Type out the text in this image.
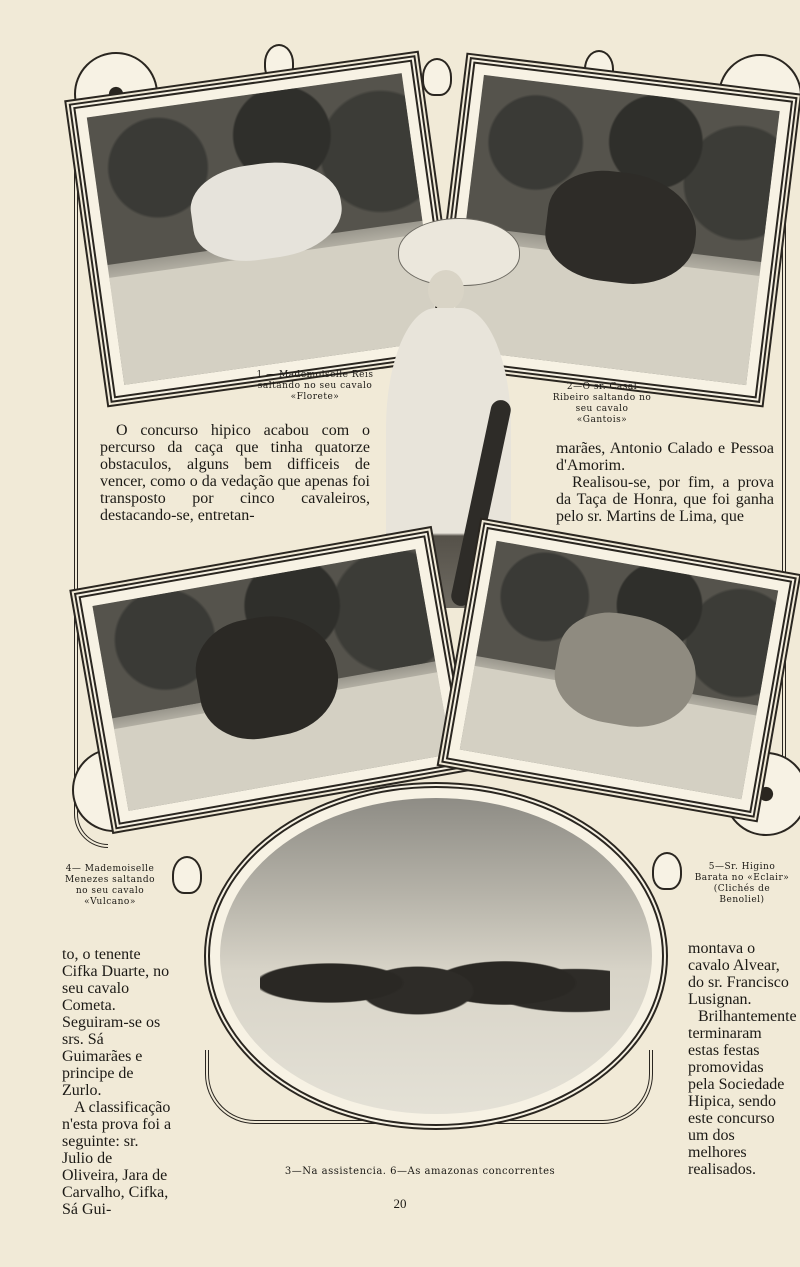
1 — Mademoiselle Reis saltando no seu cavalo «Florete»
2—O sr. Casal Ribeiro saltando no seu cavalo «Gantois»

O concurso hipico acabou com o percurso da caça que tinha quatorze obstaculos, alguns bem difficeis de vencer, como o da vedação que apenas foi transposto por cinco cavaleiros, destacando-se, entretan-

marães, Antonio Calado e Pessoa d'Amorim.

Realisou-se, por fim, a prova da Taça de Honra, que foi ganha pelo sr. Martins de Lima, que

4— Mademoiselle Menezes saltando no seu cavalo «Vulcano»
5—Sr. Higino Barata no «Eclair» (Clichés de Benoliel)

to, o tenente Cifka Duarte, no seu cavalo Cometa. Seguiram-se os srs. Sá Guimarães e principe de Zurlo.

A classificação n'esta prova foi a seguinte: sr. Julio de Oliveira, Jara de Carvalho, Cifka, Sá Gui-

montava o cavalo Alvear, do sr. Francisco Lusignan.

Brilhantemente terminaram estas festas promovidas pela Sociedade Hipica, sendo este concurso um dos melhores realisados.

3—Na assistencia. 6—As amazonas concorrentes
20
